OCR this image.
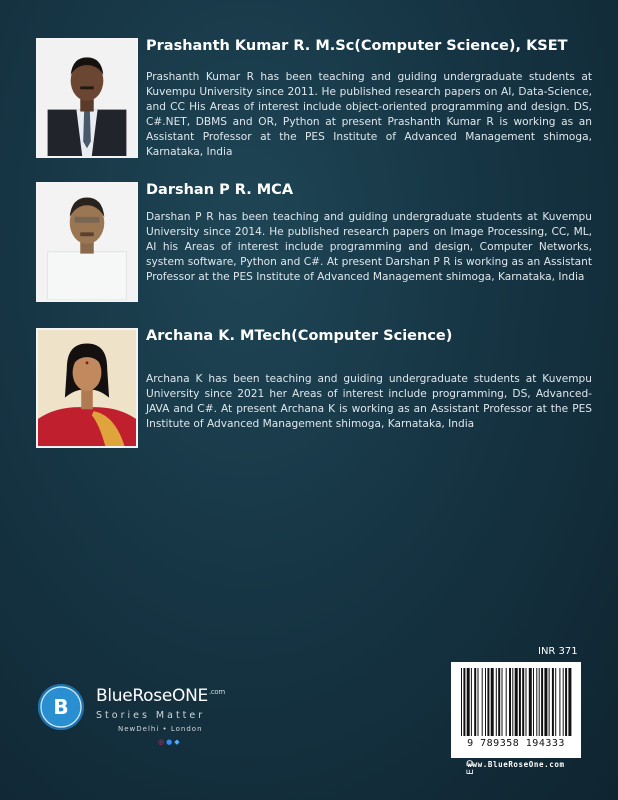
Prashanth Kumar R. M.Sc(Computer Science), KSET
Prashanth Kumar R has been teaching and guiding undergraduate students at Kuvempu University since 2011. He published research papers on AI, Data-Science, and CC His Areas of interest include object-oriented programming and design. DS, C#.NET, DBMS and OR, Python at present Prashanth Kumar R is working as an Assistant Professor at the PES Institute of Advanced Management shimoga, Karnataka, India
Darshan P R. MCA
Darshan P R has been teaching and guiding undergraduate students at Kuvempu University since 2014. He published research papers on Image Processing, CC, ML, AI his Areas of interest include programming and design, Computer Networks, system software, Python and C#. At present Darshan P R is working as an Assistant Professor at the PES Institute of Advanced Management shimoga, Karnataka, India
Archana K. MTech(Computer Science)
Archana K has been teaching and guiding undergraduate students at Kuvempu University since 2021 her Areas of interest include programming, DS, Advanced-JAVA and C#. At present Archana K is working as an Assistant Professor at the PES Institute of Advanced Management shimoga, Karnataka, India
B BlueRoseONE$^{.com}$
Stories Matter
NewDelhi • London
◎ ● ◆
INR 371
9 789358 194333
www.BlueRoseOne.com
